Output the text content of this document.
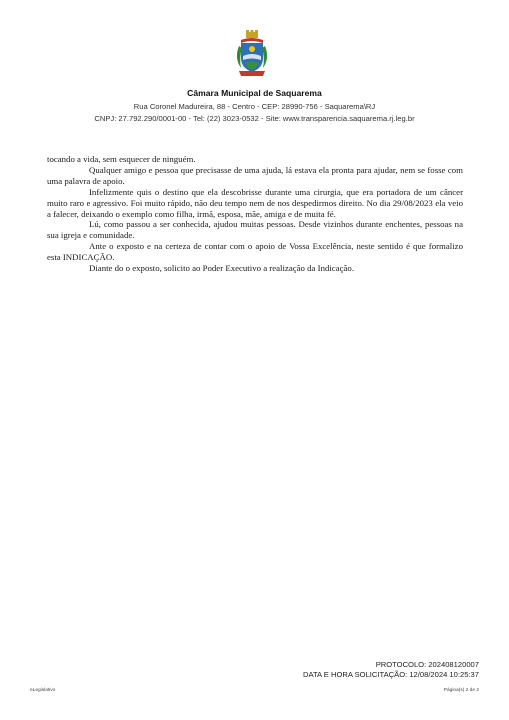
Câmara Municipal de Saquarema
Rua Coronel Madureira, 88 - Centro - CEP: 28990-756 - Saquarema\RJ
CNPJ: 27.792.290/0001-00 - Tel: (22) 3023-0532 - Site: www.transparencia.saquarema.rj.leg.br

tocando a vida, sem esquecer de ninguém.

Qualquer amigo e pessoa que precisasse de uma ajuda, lá estava ela pronta para ajudar, nem se fosse com uma palavra de apoio.

Infelizmente quis o destino que ela descobrisse durante uma cirurgia, que era portadora de um câncer muito raro e agressivo. Foi muito rápido, não deu tempo nem de nos despedirmos direito. No dia 29/08/2023 ela veio a falecer, deixando o exemplo como filha, irmã, esposa, mãe, amiga e de muita fé.

Lú, como passou a ser conhecida, ajudou muitas pessoas. Desde vizinhos durante enchentes, pessoas na sua igreja e comunidade.

Ante o exposto e na certeza de contar com o apoio de Vossa Excelência, neste sentido é que formalizo esta INDICAÇÃO.

Diante do o exposto, solicito ao Poder Executivo a realização da Indicação.

PROTOCOLO: 202408120007
DATA E HORA SOLICITAÇÃO: 12/08/2024 10:25:37
eLegislativo	Página(s) 2 de 2
